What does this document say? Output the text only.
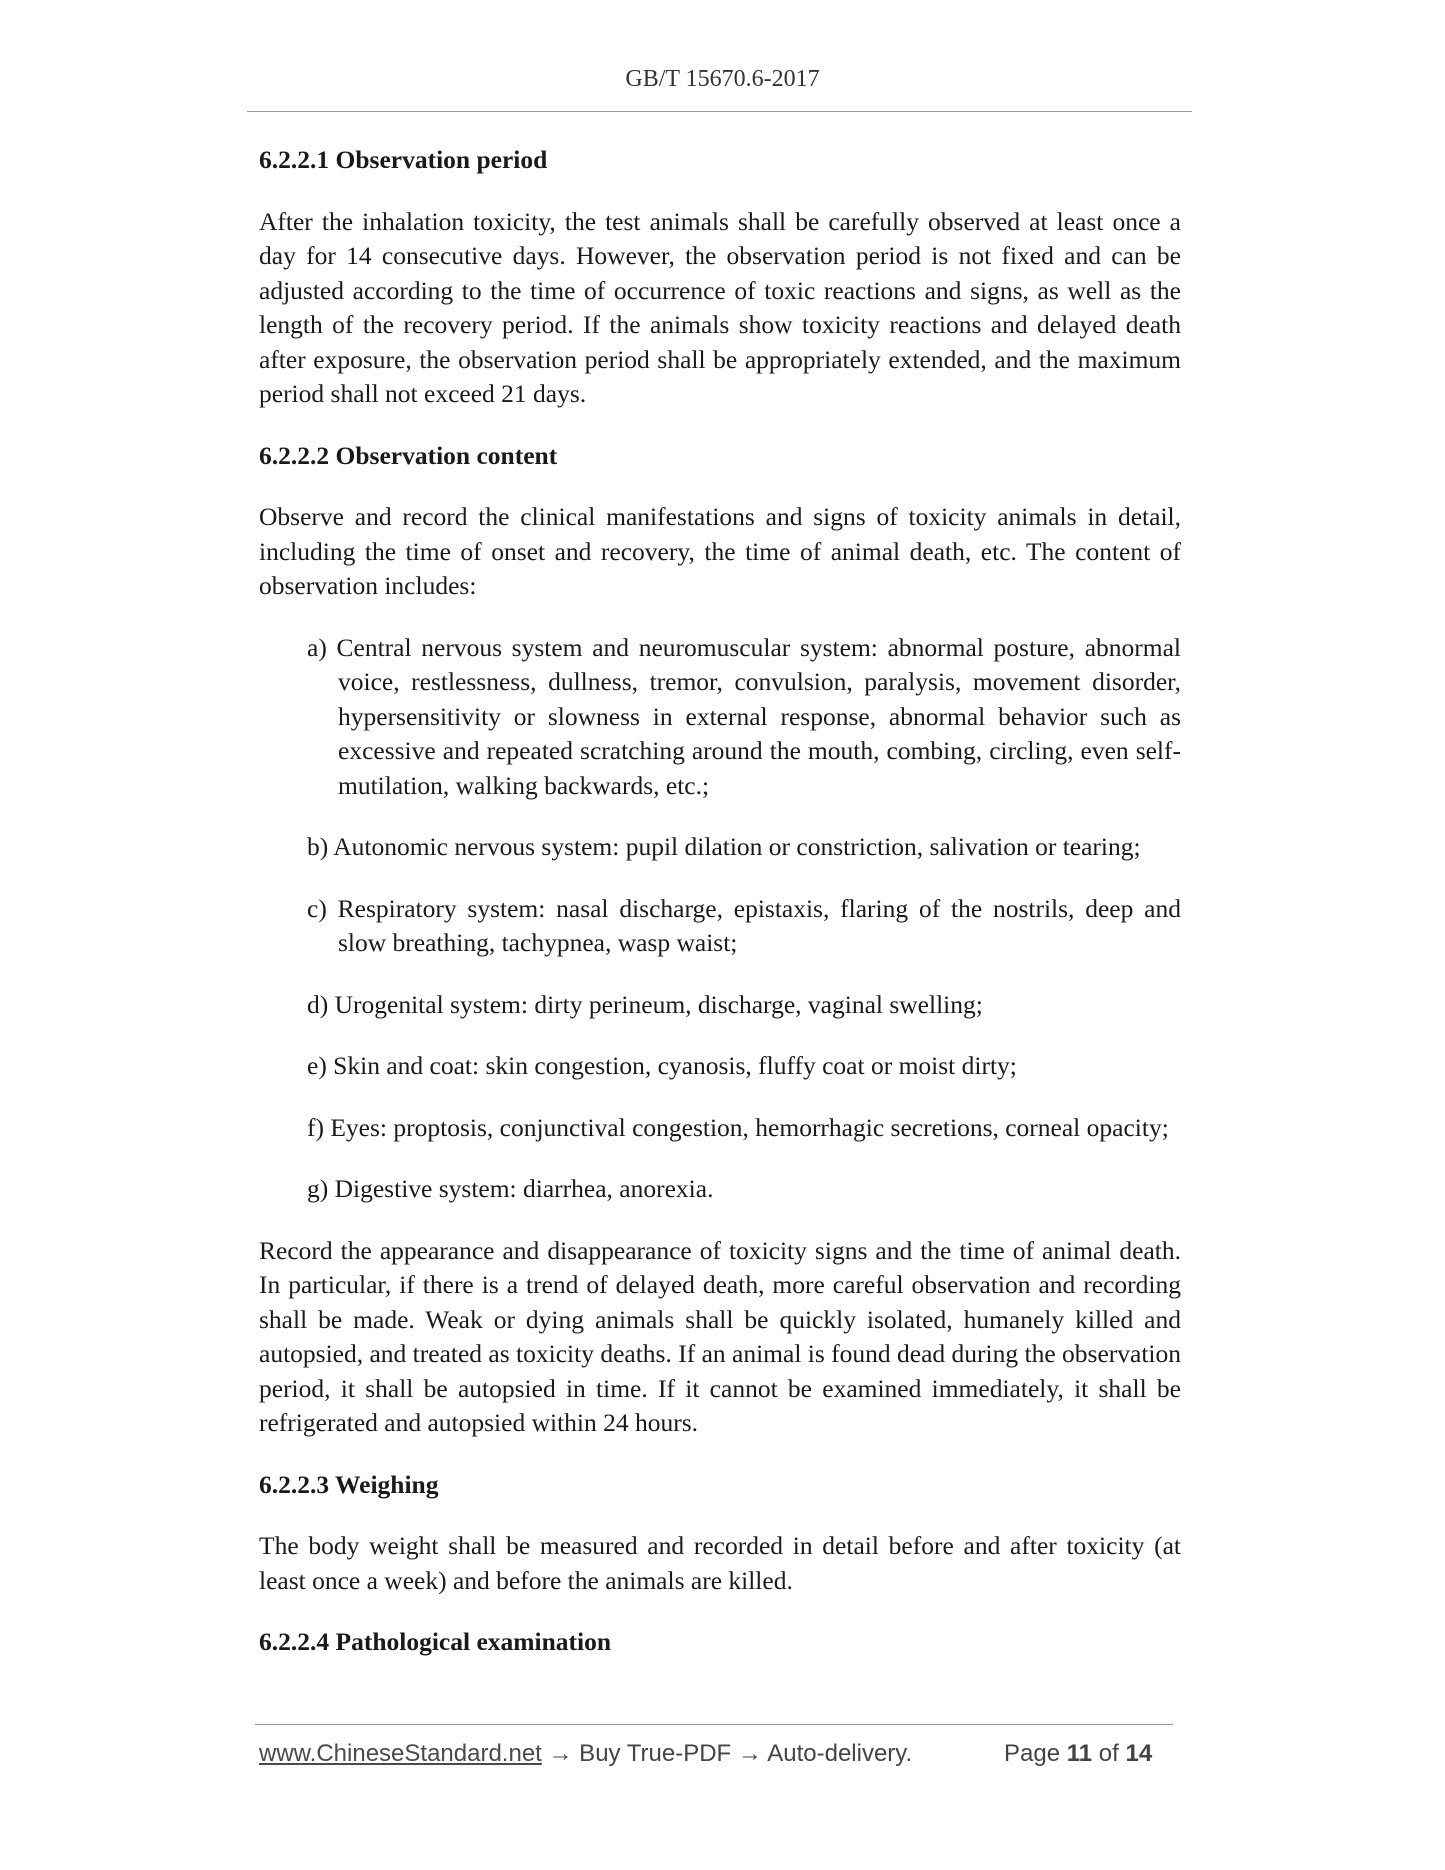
GB/T 15670.6-2017
6.2.2.1 Observation period
After the inhalation toxicity, the test animals shall be carefully observed at least once a day for 14 consecutive days. However, the observation period is not fixed and can be adjusted according to the time of occurrence of toxic reactions and signs, as well as the length of the recovery period. If the animals show toxicity reactions and delayed death after exposure, the observation period shall be appropriately extended, and the maximum period shall not exceed 21 days.
6.2.2.2 Observation content
Observe and record the clinical manifestations and signs of toxicity animals in detail, including the time of onset and recovery, the time of animal death, etc. The content of observation includes:
a) Central nervous system and neuromuscular system: abnormal posture, abnormal voice, restlessness, dullness, tremor, convulsion, paralysis, movement disorder, hypersensitivity or slowness in external response, abnormal behavior such as excessive and repeated scratching around the mouth, combing, circling, even self-mutilation, walking backwards, etc.;
b) Autonomic nervous system: pupil dilation or constriction, salivation or tearing;
c) Respiratory system: nasal discharge, epistaxis, flaring of the nostrils, deep and slow breathing, tachypnea, wasp waist;
d) Urogenital system: dirty perineum, discharge, vaginal swelling;
e) Skin and coat: skin congestion, cyanosis, fluffy coat or moist dirty;
f) Eyes: proptosis, conjunctival congestion, hemorrhagic secretions, corneal opacity;
g) Digestive system: diarrhea, anorexia.
Record the appearance and disappearance of toxicity signs and the time of animal death. In particular, if there is a trend of delayed death, more careful observation and recording shall be made. Weak or dying animals shall be quickly isolated, humanely killed and autopsied, and treated as toxicity deaths. If an animal is found dead during the observation period, it shall be autopsied in time. If it cannot be examined immediately, it shall be refrigerated and autopsied within 24 hours.
6.2.2.3 Weighing
The body weight shall be measured and recorded in detail before and after toxicity (at least once a week) and before the animals are killed.
6.2.2.4 Pathological examination
www.ChineseStandard.net → Buy True-PDF → Auto-delivery.	Page 11 of 14
